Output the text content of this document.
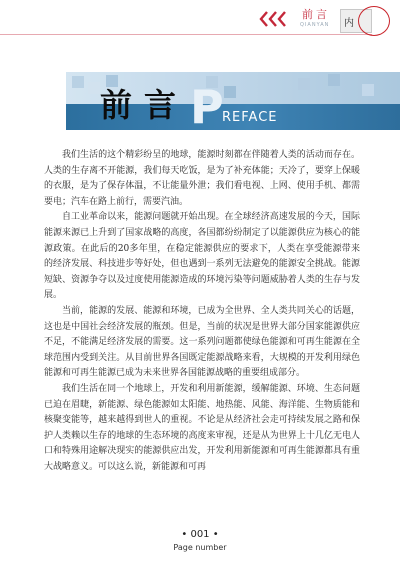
前言
QIANYAN 内
前言 P
REFACE

我们生活的这个精彩纷呈的地球，能源时刻都在伴随着人类的活动而存在。人类的生存离不开能源，我们每天吃饭，是为了补充体能；天冷了，要穿上保暖的衣服，是为了保存体温，不让能量外泄；我们看电视、上网、使用手机、都需要电；汽车在路上前行，需要汽油。

自工业革命以来，能源问题就开始出现。在全球经济高速发展的今天，国际能源来源已上升到了国家战略的高度，各国都纷纷制定了以能源供应为核心的能源政策。在此后的20多年里，在稳定能源供应的要求下，人类在享受能源带来的经济发展、科技进步等好处，但也遇到一系列无法避免的能源安全挑战。能源短缺、资源争夺以及过度使用能源造成的环境污染等问题威胁着人类的生存与发展。

当前，能源的发展、能源和环境，已成为全世界、全人类共同关心的话题，这也是中国社会经济发展的瓶颈。但是，当前的状况是世界大部分国家能源供应不足，不能满足经济发展的需要。这一系列问题都使绿色能源和可再生能源在全球范围内受到关注。从目前世界各国既定能源战略来看，大规模的开发利用绿色能源和可再生能源已成为未来世界各国能源战略的重要组成部分。

我们生活在同一个地球上，开发和利用新能源，缓解能源、环境、生态问题已迫在眉睫，新能源、绿色能源如太阳能、地热能、风能、海洋能、生物质能和核聚变能等，越来越得到世人的重视。不论是从经济社会走可持续发展之路和保护人类赖以生存的地球的生态环境的高度来审视，还是从为世界上十几亿无电人口和特殊用途解决现实的能源供应出发，开发利用新能源和可再生能源都具有重大战略意义。可以这么说，新能源和可再

• 001 •
Page number
